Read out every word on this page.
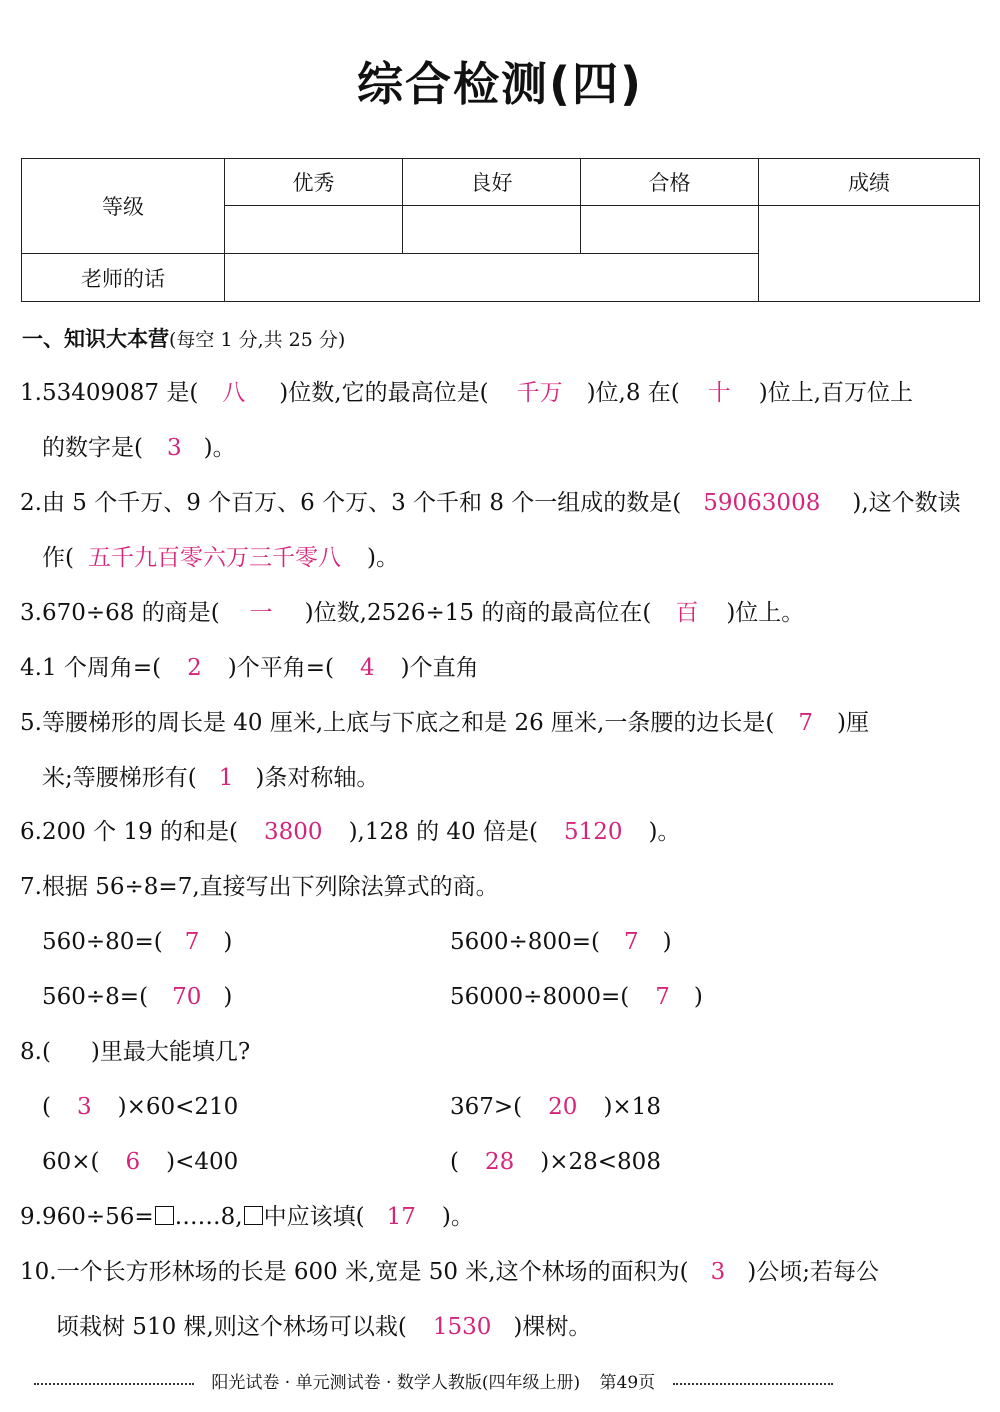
综合检测(四)
等级	优秀	良好	合格	成绩

老师的话				
一、知识大本营(每空 1 分,共 25 分)
1.53409087 是( 八 )位数,它的最高位是( 千万 )位,8 在( 十 )位上,百万位上
的数字是( 3 )。
2.由 5 个千万、9 个百万、6 个万、3 个千和 8 个一组成的数是( 59063008 ),这个数读
作( 五千九百零六万三千零八 )。
3.670÷68 的商是( 一 )位数,2526÷15 的商的最高位在( 百 )位上。
4.1 个周角=( 2 )个平角=( 4 )个直角
5.等腰梯形的周长是 40 厘米,上底与下底之和是 26 厘米,一条腰的边长是( 7 )厘
米;等腰梯形有( 1 )条对称轴。
6.200 个 19 的和是( 3800 ),128 的 40 倍是( 5120 )。
7.根据 56÷8=7,直接写出下列除法算式的商。
560÷80=( 7 )	5600÷800=( 7 )
560÷8=( 70 )	56000÷8000=( 7 )
8.( )里最大能填几?
( 3 )×60<210	367>( 20 )×18
60×( 6 )<400	( 28 )×28<808
9.960÷56= ……8, 中应该填( 17 )。
10.一个长方形林场的长是 600 米,宽是 50 米,这个林场的面积为( 3 )公顷;若每公
顷栽树 510 棵,则这个林场可以栽( 1530 )棵树。
阳光试卷 · 单元测试卷 · 数学人教版(四年级上册) 第49页
